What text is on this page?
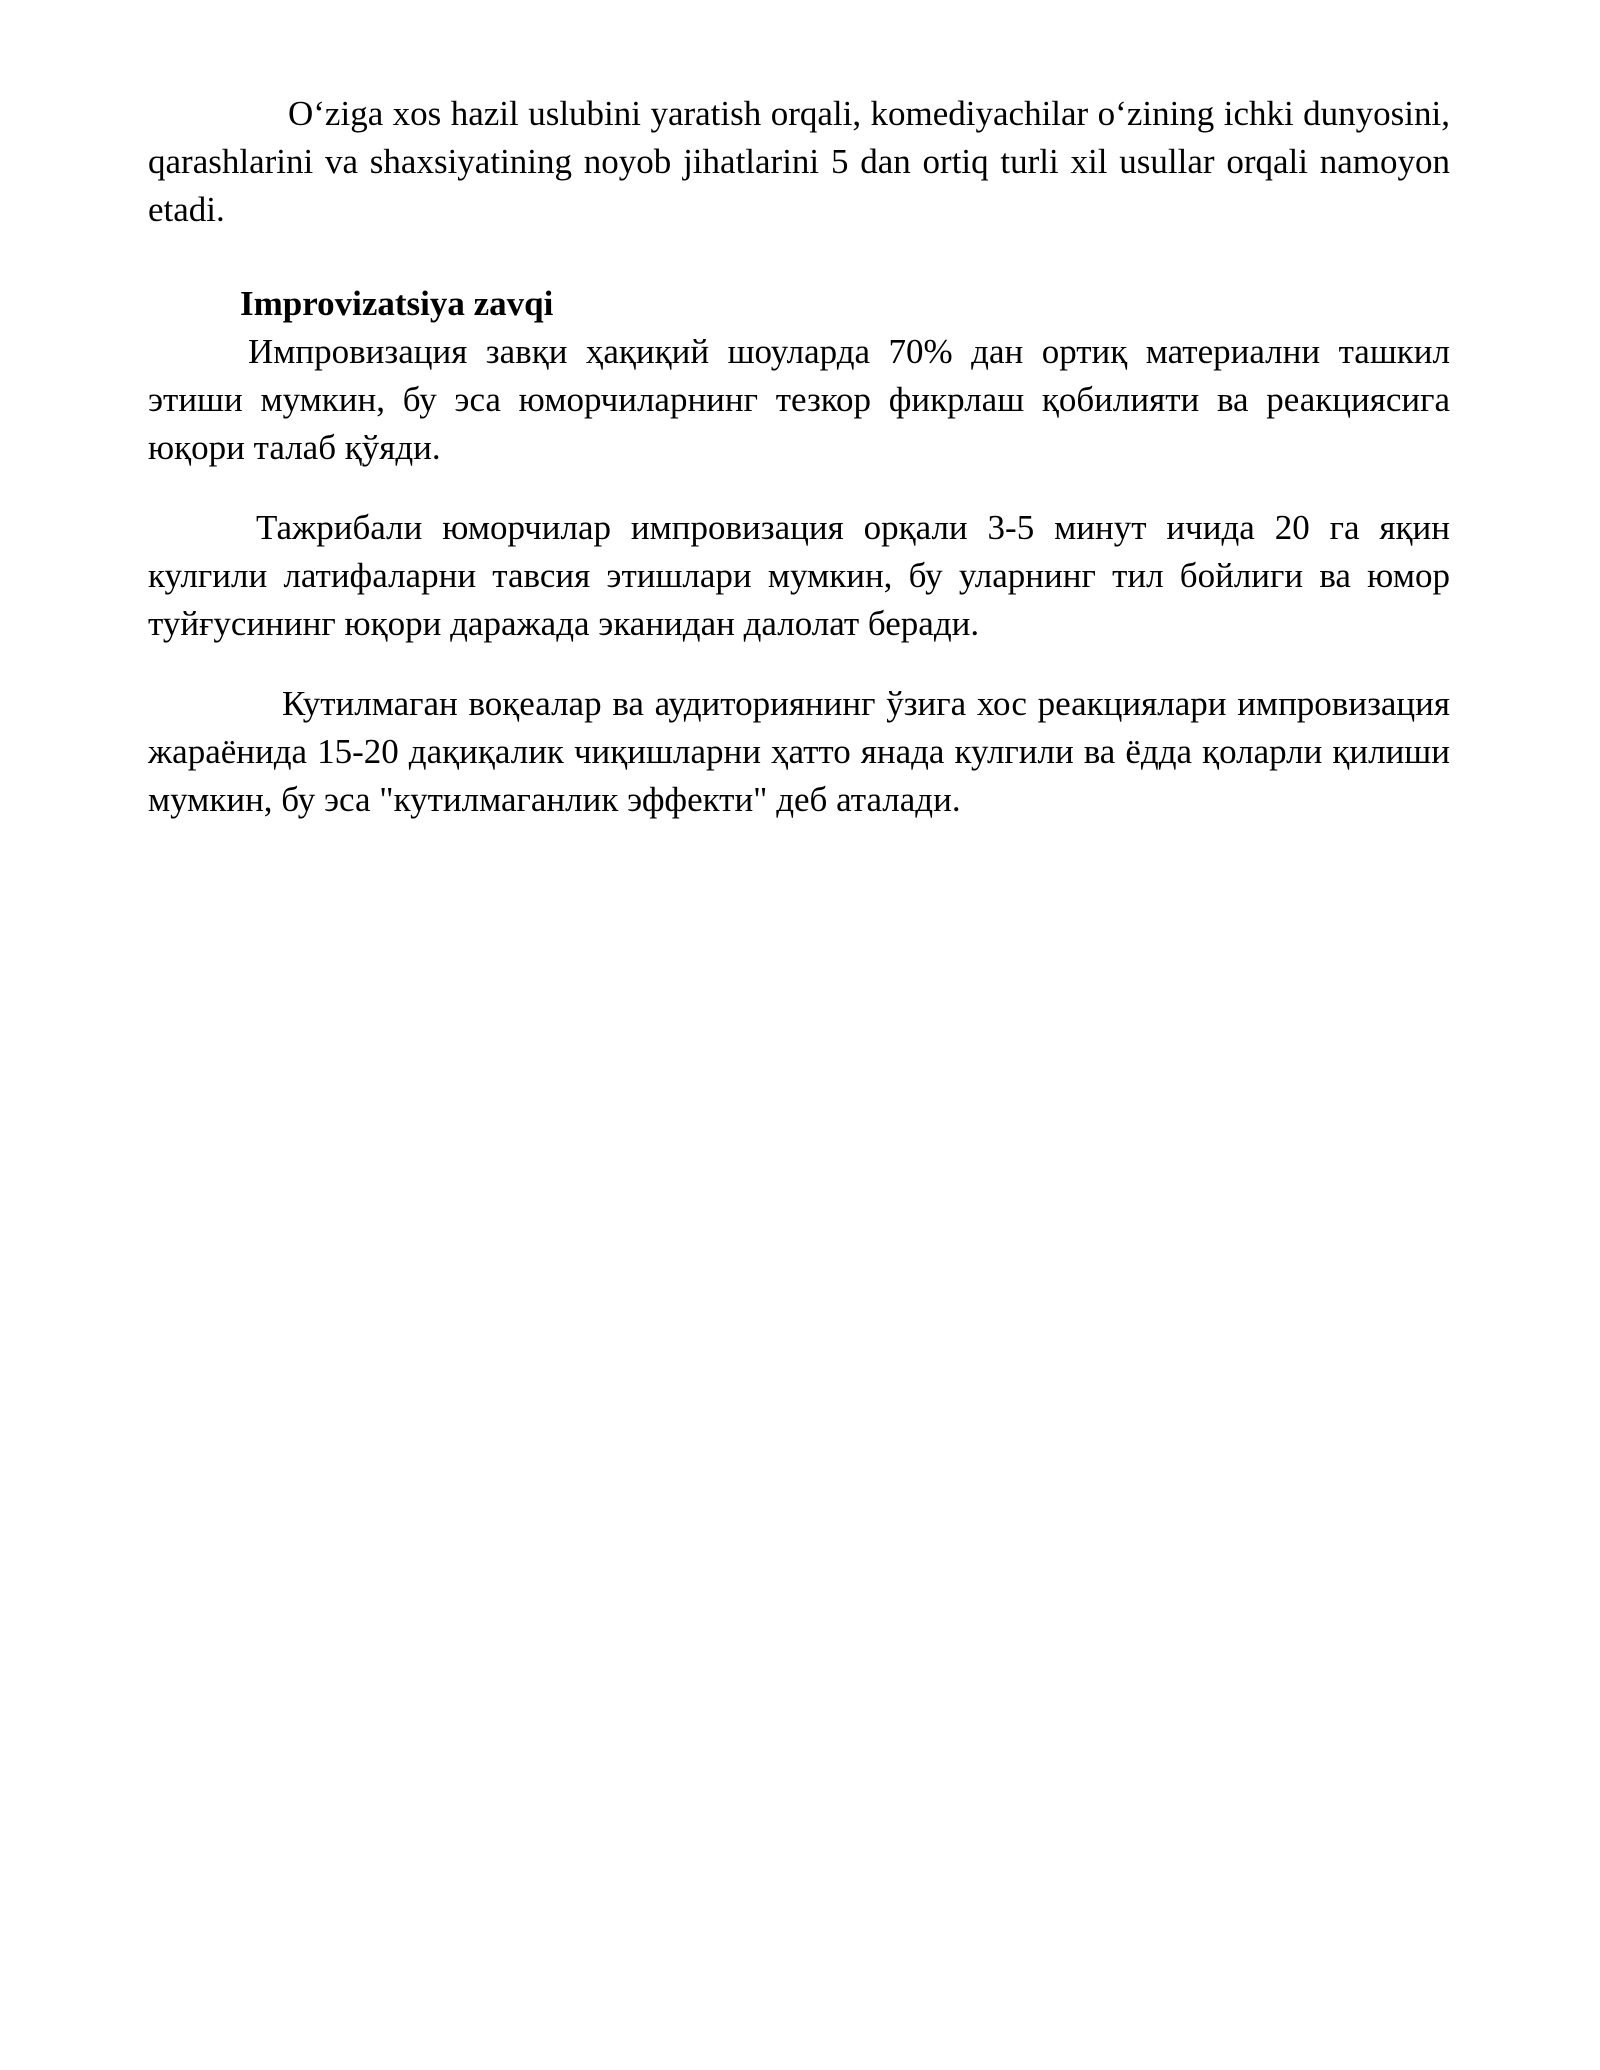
O‘ziga xos hazil uslubini yaratish orqali, komediyachilar o‘zining ichki dunyosini, qarashlarini va shaxsiyatining noyob jihatlarini 5 dan ortiq turli xil usullar orqali namoyon etadi.

Improvizatsiya zavqi

Импровизация завқи ҳақиқий шоуларда 70% дан ортиқ материални ташкил этиши мумкин, бу эса юморчиларнинг тезкор фикрлаш қобилияти ва реакциясига юқори талаб қўяди.

Тажрибали юморчилар импровизация орқали 3-5 минут ичида 20 га яқин кулгили латифаларни тавсия этишлари мумкин, бу уларнинг тил бойлиги ва юмор туйғусининг юқори даражада эканидан далолат беради.

Кутилмаган воқеалар ва аудиториянинг ўзига хос реакциялари импровизация жараёнида 15-20 дақиқалик чиқишларни ҳатто янада кулгили ва ёдда қоларли қилиши мумкин, бу эса "кутилмаганлик эффекти" деб аталади.
